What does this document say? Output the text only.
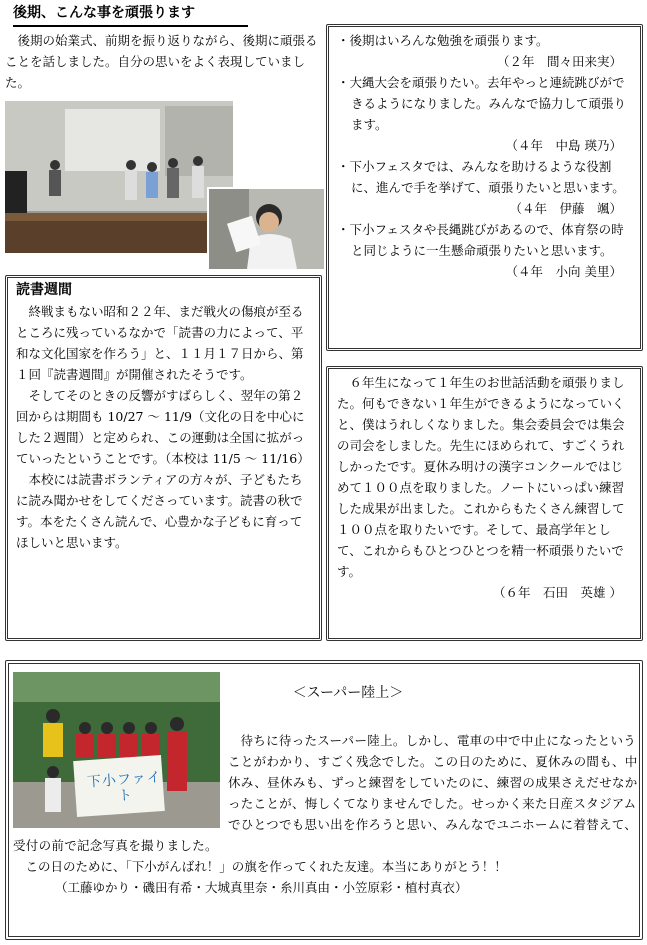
後期、こんな事を頑張ります

後期の始業式、前期を振り返りながら、後期に頑張ることを話しました。自分の思いをよく表現していました。

・後期はいろんな勉強を頑張ります。

（２年　間々田来実）

・大縄大会を頑張りたい。去年やっと連続跳びができるようになりました。みんなで協力して頑張ります。

（４年　中島 瑛乃）

・下小フェスタでは、みんなを助けるような役割に、進んで手を挙げて、頑張りたいと思います。

（４年　伊藤　颯）

・下小フェスタや長縄跳びがあるので、体育祭の時と同じように一生懸命頑張りたいと思います。

（４年　小向 美里）

読書週間

終戦まもない昭和２２年、まだ戦火の傷痕が至るところに残っているなかで「読書の力によって、平和な文化国家を作ろう」と、１１月１７日から、第１回『読書週間』が開催されたそうです。

そしてそのときの反響がすばらしく、翌年の第２回からは期間も 10/27 ～ 11/9（文化の日を中心にした２週間）と定められ、この運動は全国に拡がっていったということです。（本校は 11/5 ～ 11/16）

本校には読書ボランティアの方々が、子どもたちに読み聞かせをしてくださっています。読書の秋です。本をたくさん読んで、心豊かな子どもに育ってほしいと思います。

６年生になって１年生のお世話活動を頑張りました。何もできない１年生ができるようになっていくと、僕はうれしくなりました。集会委員会では集会の司会をしました。先生にほめられて、すごくうれしかったです。夏休み明けの漢字コンクールではじめて１００点を取りました。ノートにいっぱい練習した成果が出ました。これからもたくさん練習して１００点を取りたいです。そして、最高学年として、これからもひとつひとつを精一杯頑張りたいです。

（６年　石田　英雄 ）

下小ファイト
＜スーパー陸上＞

待ちに待ったスーパー陸上。しかし、電車の中で中止になったということがわかり、すごく残念でした。この日のために、夏休みの間も、中休み、昼休みも、ずっと練習をしていたのに、練習の成果さえだせなかったことが、悔しくてなりませんでした。せっかく来た日産スタジアムでひとつでも思い出を作ろうと思い、みんなでユニホームに着替えて、受付の前で記念写真を撮りました。

この日のために、「下小がんばれ！」の旗を作ってくれた友達。本当にありがとう！！

（工藤ゆかり・磯田有希・大城真里奈・糸川真由・小笠原彩・植村真衣）
